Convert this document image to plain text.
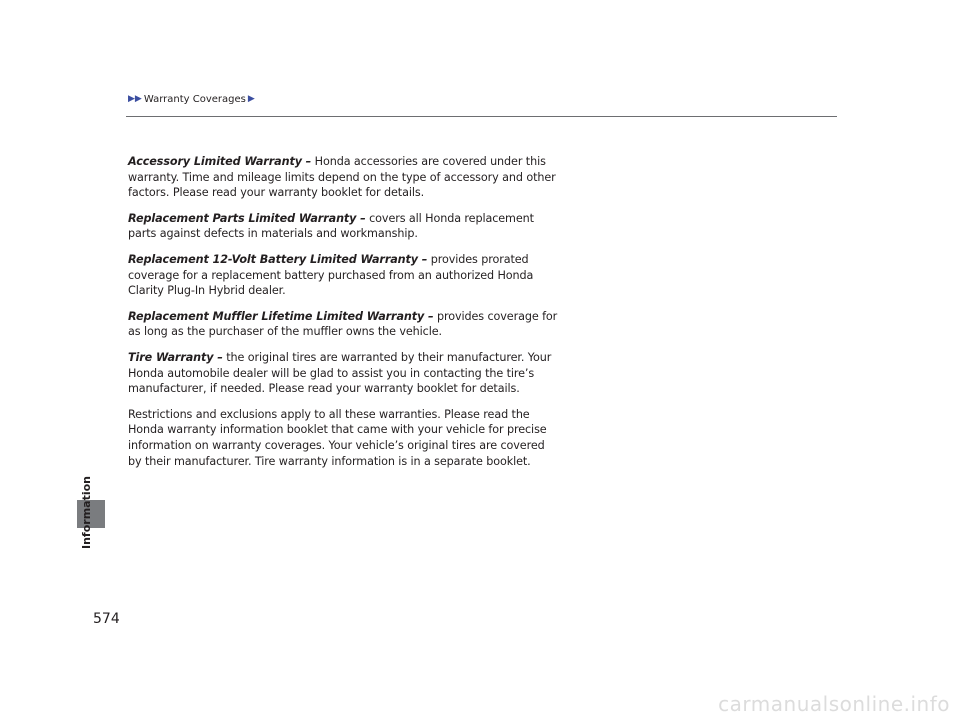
▶▶ Warranty Coverages ▶

Accessory Limited Warranty – Honda accessories are covered under this warranty. Time and mileage limits depend on the type of accessory and other factors. Please read your warranty booklet for details.

Replacement Parts Limited Warranty – covers all Honda replacement parts against defects in materials and workmanship.

Replacement 12-Volt Battery Limited Warranty – provides prorated coverage for a replacement battery purchased from an authorized Honda Clarity Plug-In Hybrid dealer.

Replacement Muffler Lifetime Limited Warranty – provides coverage for as long as the purchaser of the muffler owns the vehicle.

Tire Warranty – the original tires are warranted by their manufacturer. Your Honda automobile dealer will be glad to assist you in contacting the tire’s manufacturer, if needed. Please read your warranty booklet for details.

Restrictions and exclusions apply to all these warranties. Please read the Honda warranty information booklet that came with your vehicle for precise information on warranty coverages. Your vehicle’s original tires are covered by their manufacturer. Tire warranty information is in a separate booklet.

574
carmanualsonline.info
